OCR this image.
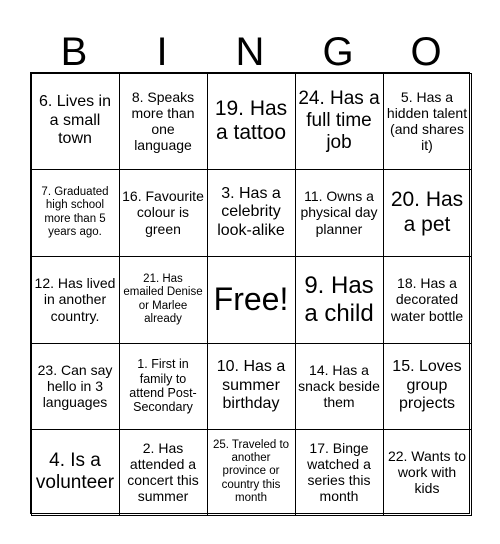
B	I	N	G	O
6. Lives in a small town
8. Speaks more than one language
19. Has a tattoo
24. Has a full time job
5. Has a hidden talent (and shares it)
7. Graduated high school more than 5 years ago.
16. Favourite colour is green
3. Has a celebrity look-alike
11. Owns a physical day planner
20. Has a pet
12. Has lived in another country.
21. Has emailed Denise or Marlee already
Free! 9. Has a child
18. Has a decorated water bottle
23. Can say hello in 3 languages
1. First in family to attend Post-Secondary
10. Has a summer birthday
14. Has a snack beside them
15. Loves group projects
4. Is a volunteer
2. Has attended a concert this summer
25. Traveled to another province or country this month
17. Binge watched a series this month
22. Wants to work with kids
